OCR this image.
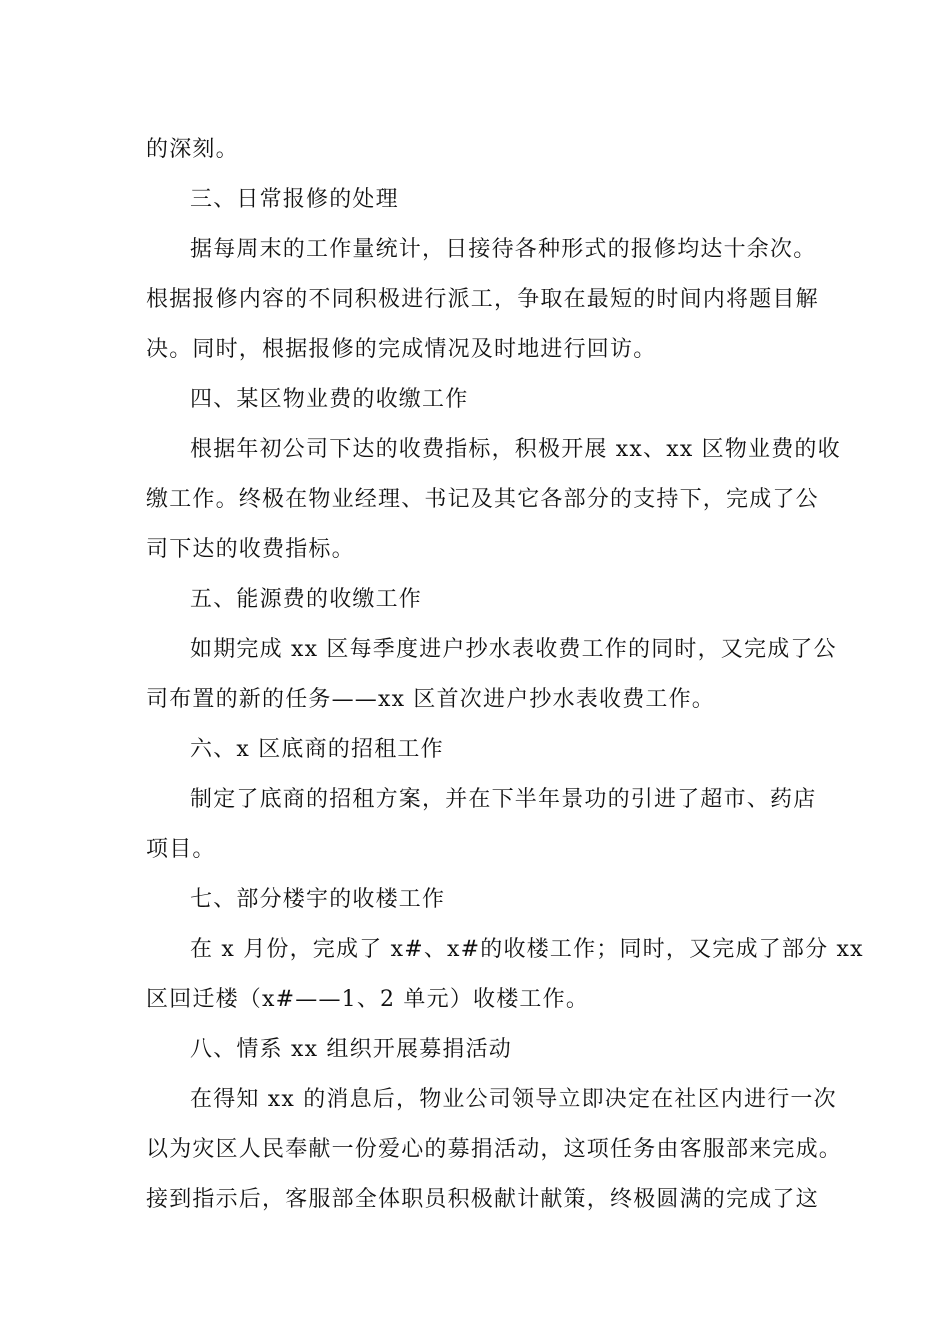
的深刻。
三、日常报修的处理
据每周末的工作量统计，日接待各种形式的报修均达十余次。
根据报修内容的不同积极进行派工，争取在最短的时间内将题目解
决。同时，根据报修的完成情况及时地进行回访。
四、某区物业费的收缴工作
根据年初公司下达的收费指标，积极开展 xx、xx 区物业费的收
缴工作。终极在物业经理、书记及其它各部分的支持下，完成了公
司下达的收费指标。
五、能源费的收缴工作
如期完成 xx 区每季度进户抄水表收费工作的同时，又完成了公
司布置的新的任务——xx 区首次进户抄水表收费工作。
六、x 区底商的招租工作
制定了底商的招租方案，并在下半年景功的引进了超市、药店
项目。
七、部分楼宇的收楼工作
在 x 月份，完成了 x#、x#的收楼工作；同时，又完成了部分 xx
区回迁楼（x#——1、2 单元）收楼工作。
八、情系 xx 组织开展募捐活动
在得知 xx 的消息后，物业公司领导立即决定在社区内进行一次
以为灾区人民奉献一份爱心的募捐活动，这项任务由客服部来完成。
接到指示后，客服部全体职员积极献计献策，终极圆满的完成了这
